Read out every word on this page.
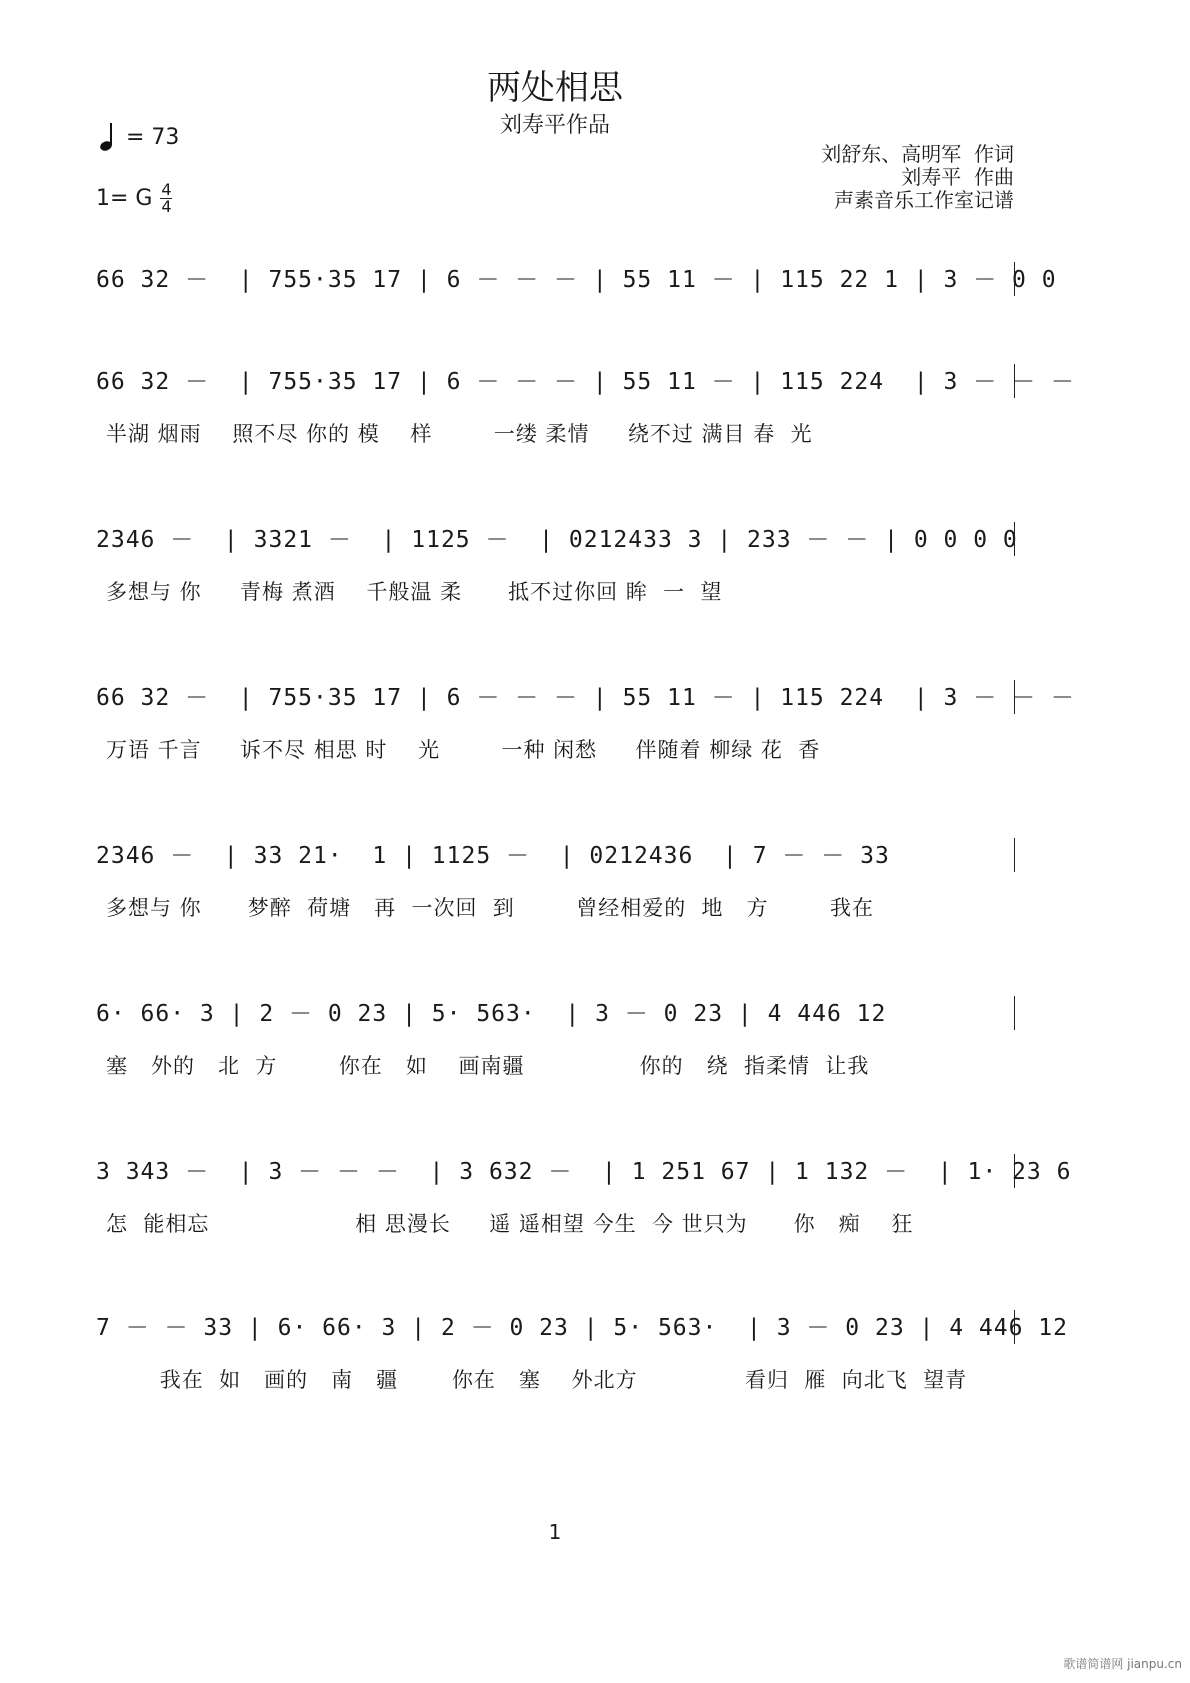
两处相思
刘寿平作品
= 73
1= G 4
4
刘舒东、高明军  作词
刘寿平  作曲
声素音乐工作室记谱
66 32 －  | 755·35 17 | 6 － － － | 55 11 － | 115 22 1 | 3 － 0 0
66 32 －  | 755·35 17 | 6 － － － | 55 11 － | 115 224  | 3 － － －
半湖 烟雨    照不尽 你的 模    样        一缕 柔情     绕不过 满目 春  光
2346 －  | 3321 －  | 1125 －  | 0212433 3 | 233 － － | 0 0 0 0
多想与 你     青梅 煮酒    千般温 柔      抵不过你回 眸  一  望
66 32 －  | 755·35 17 | 6 － － － | 55 11 － | 115 224  | 3 － － －
万语 千言     诉不尽 相思 时    光        一种 闲愁     伴随着 柳绿 花  香
2346 －  | 33 21·  1 | 1125 －  | 0212436  | 7 － － 33
多想与 你      梦醉  荷塘   再  一次回  到        曾经相爱的  地   方        我在
6· 66· 3 | 2 － 0 23 | 5· 563·  | 3 － 0 23 | 4 446 12
塞   外的   北  方        你在   如    画南疆               你的   绕  指柔情  让我
3 343 －  | 3 － － －  | 3 632 －  | 1 251 67 | 1 132 －  | 1· 23 6
怎  能相忘                   相 思漫长     遥 遥相望 今生  今 世只为      你   痴    狂
7 － － 33 | 6· 66· 3 | 2 － 0 23 | 5· 563·  | 3 － 0 23 | 4 446 12
我在  如   画的   南   疆       你在   塞    外北方              看归  雁  向北飞  望青
1
歌谱简谱网 jianpu.cn
